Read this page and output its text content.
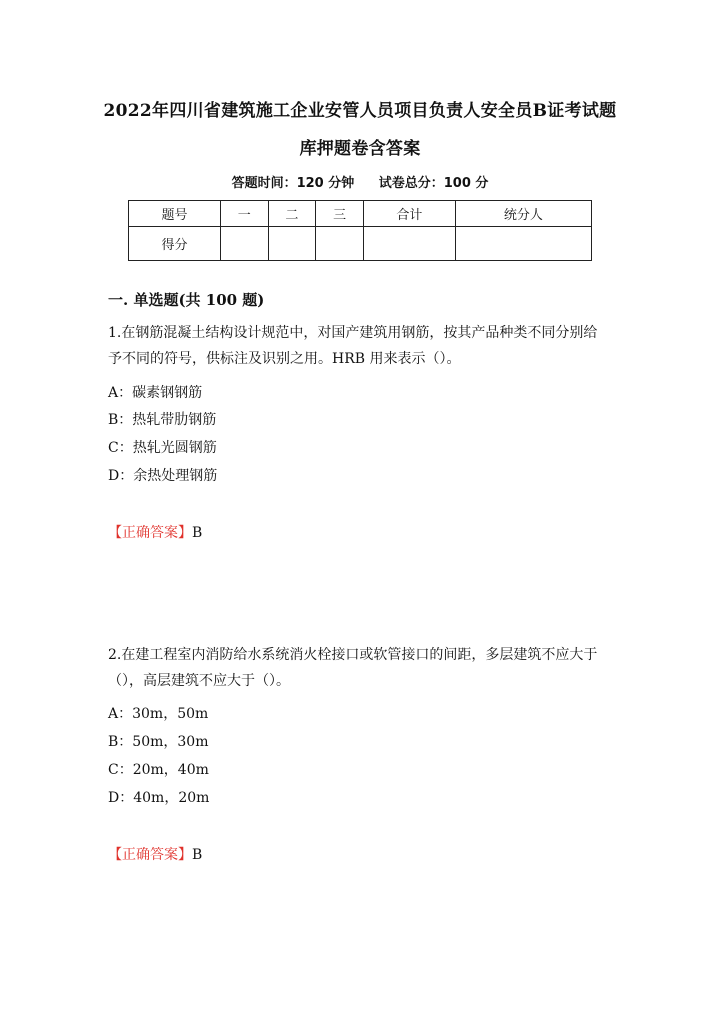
2022年四川省建筑施工企业安管人员项目负责人安全员B证考试题
库押题卷含答案
答题时间：120 分钟 试卷总分：100 分
题号	一	二	三	合计	统分人
得分					
一. 单选题(共 100 题)
1.在钢筋混凝土结构设计规范中，对国产建筑用钢筋，按其产品种类不同分别给
予不同的符号，供标注及识别之用。HRB 用来表示（）。
A：碳素钢钢筋
B：热轧带肋钢筋
C：热轧光圆钢筋
D：余热处理钢筋
【正确答案】B
2.在建工程室内消防给水系统消火栓接口或软管接口的间距，多层建筑不应大于
（），高层建筑不应大于（）。
A：30m，50m
B：50m，30m
C：20m，40m
D：40m，20m
【正确答案】B
